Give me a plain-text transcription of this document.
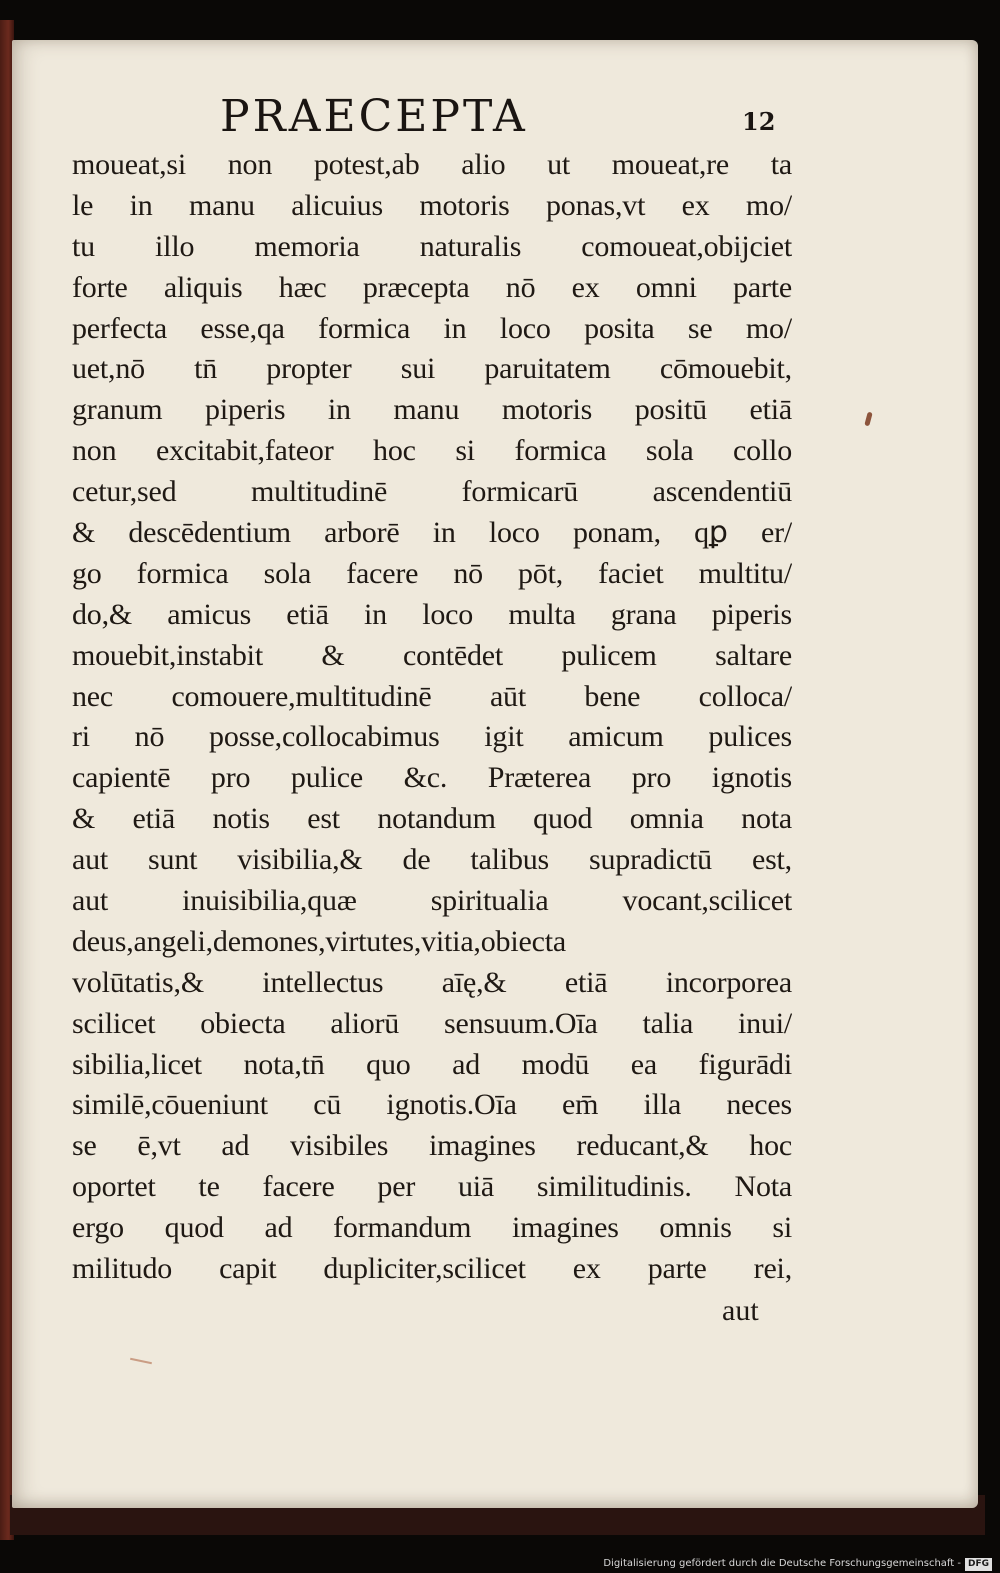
PRAECEPTA	12
moueat,si non potest,ab alio ut moueat,re ta
le in manu alicuius motoris ponas,vt ex mo/
tu illo memoria naturalis comoueat,obijciet
forte aliquis hæc præcepta nō ex omni parte
perfecta esse,qa formica in loco posita se mo/
uet,nō tn̄ propter sui paruitatem cōmouebit,
granum piperis in manu motoris positū etiā
non excitabit,fateor hoc si formica sola collo
cetur,sed multitudinē formicarū ascendentiū
& descēdentium arborē in loco ponam, qꝑ er/
go formica sola facere nō pōt, faciet multitu/
do,& amicus etiā in loco multa grana piperis
mouebit,instabit & contēdet pulicem saltare
nec comouere,multitudinē aūt bene colloca/
ri nō posse,collocabimus igit amicum pulices
capientē pro pulice &c. Præterea pro ignotis
& etiā notis est notandum quod omnia nota
aut sunt visibilia,& de talibus supradictū est,
aut inuisibilia,quæ spiritualia vocant,scilicet
deus,angeli,demones,virtutes,vitia,obiecta
volūtatis,& intellectus aīę,& etiā incorporea
scilicet obiecta aliorū sensuum.Oīa talia inui/
sibilia,licet nota,tn̄ quo ad modū ea figurādi
similē,cōueniunt cū ignotis.Oīa em̄ illa neces
se ē,vt ad visibiles imagines reducant,& hoc
oportet te facere per uiā similitudinis. Nota
ergo quod ad formandum imagines omnis si
militudo capit dupliciter,scilicet ex parte rei,
aut
Digitalisierung gefördert durch die Deutsche Forschungsgemeinschaft - DFG
